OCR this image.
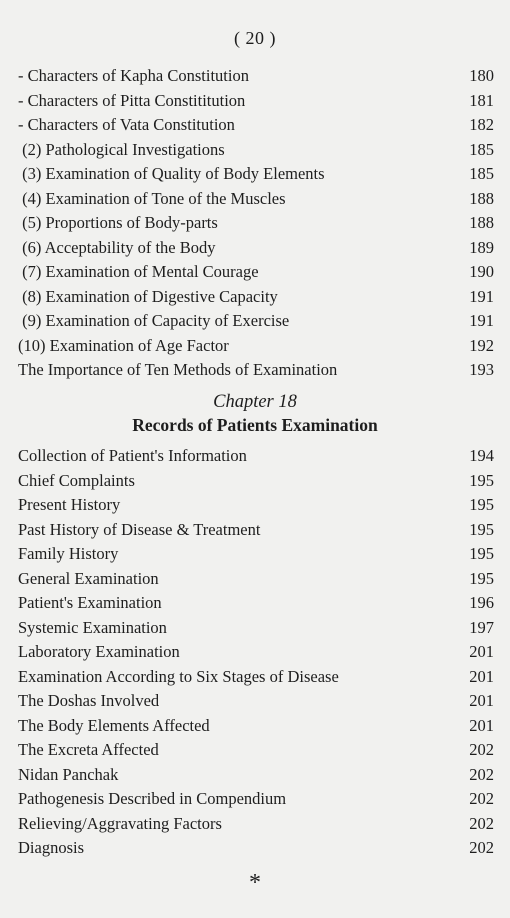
( 20 )
- Characters of Kapha Constitution	180
- Characters of Pitta Constititution	181
- Characters of Vata Constitution	182
(2) Pathological Investigations	185
(3) Examination of Quality of Body Elements	185
(4) Examination of Tone of the Muscles	188
(5) Proportions of Body-parts	188
(6) Acceptability of the Body	189
(7) Examination of Mental Courage	190
(8) Examination of Digestive Capacity	191
(9) Examination of Capacity of Exercise	191
(10) Examination of Age Factor	192
The Importance of Ten Methods of Examination	193
Chapter 18
Records of Patients Examination
Collection of Patient's Information	194
Chief Complaints	195
Present History	195
Past History of Disease & Treatment	195
Family History	195
General Examination	195
Patient's Examination	196
Systemic Examination	197
Laboratory Examination	201
Examination According to Six Stages of Disease	201
The Doshas Involved	201
The Body Elements Affected	201
The Excreta Affected	202
Nidan Panchak	202
Pathogenesis Described in Compendium	202
Relieving/Aggravating Factors	202
Diagnosis	202
*
